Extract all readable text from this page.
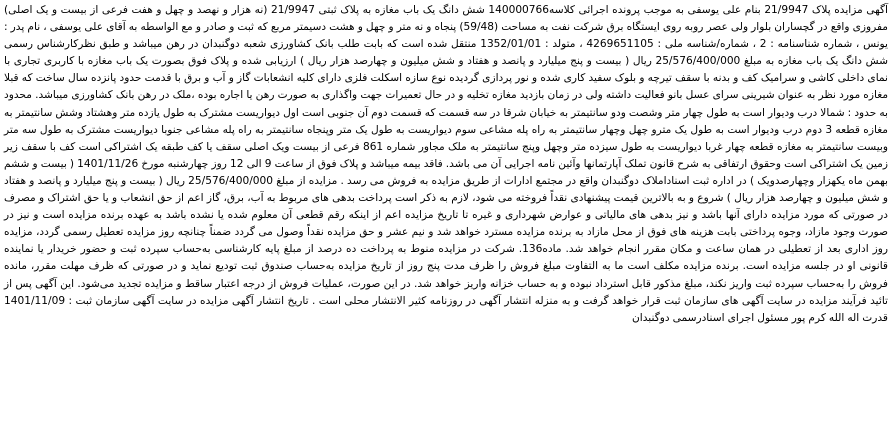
آگهی مزایده پلاک 21/9947 بنام علی یوسفی به موجب پرونده اجرائی کلاسه140000766 شش دانگ یک باب مغازه به پلاک ثبتی 21/9947 (نه هزار و نهصد و چهل و هفت فرعی از بیست و یک اصلی) مفروزی واقع در گچساران بلوار ولی عصر روبه روی ایستگاه برق شرکت نفت به مساحت (59/48) پنجاه و نه متر و چهل و هشت دسیمتر مربع که ثبت و صادر و مع الواسطه به آقای علی یوسفی ، نام پدر : یونس ، شماره شناسنامه : 2 ، شماره/شناسه ملی : 4269651105 ، متولد : 1352/01/01 منتقل شده است که بابت طلب بانک کشاورزی شعبه دوگنبدان در رهن میباشد و طبق نظرکارشناس رسمی شش دانگ یک باب مغازه به مبلغ 25/576/400/000 ریال ( بیست و پنج میلیارد و پانصد و هفتاد و شش میلیون و چهارصد هزار ریال ) ارزیابی شده و پلاک فوق بصورت یک باب مغازه با کاربری تجاری با نمای داخلی کاشی و سرامیک کف و بدنه با سقف تیرچه و بلوک سفید کاری شده و نور پردازی گردیده نوع سازه اسکلت فلزی دارای کلیه انشعابات گاز و آب و برق با قدمت حدود پانزده سال ساخت که قبلا مغازه مورد نظر به عنوان شیرینی سرای عسل بانو فعالیت داشته ولی در زمان بازدید مغازه تخلیه و در حال تعمیرات جهت واگذاری به صورت رهن یا اجاره بوده ،ملک در رهن بانک کشاورزی میباشد. محدود به حدود : شمالا درب ودیوار است به طول چهار متر وشصت ودو سانتیمتر به خیابان شرقا در سه قسمت که قسمت دوم آن جنوبی است اول دیواریست مشترک به طول یازده متر وهشتاد وشش سانتیمتر به مغازه قطعه 3 دوم درب ودیوار است به طول یک مترو چهل وچهار سانتیمتر به راه پله مشاعی سوم دیواریست به طول یک متر وپنجاه سانتیمتر به راه پله مشاعی جنوبا دیواریست مشترک به طول سه متر وبیست سانتیمتر به مغازه قطعه چهار غربا دیواریست به طول سیزده متر وچهل وپنج سانتیمتر به ملک مجاور شماره 861 فرعی از بیست ویک اصلی سقف یا کف طبقه یک اشتراکی است کف با سقف زیر زمین یک اشتراکی است وحقوق ارتفاقی به شرح قانون تملک آپارتمانها وآئین نامه اجرایی آن می باشد. فاقد بیمه میباشد و پلاک فوق از ساعت 9 الی 12 روز چهارشنبه مورخ 1401/11/26 ( بیست و ششم بهمن ماه یکهزار وچهارصدویک ) در اداره ثبت اسناداملاک دوگنبدان واقع در مجتمع ادارات از طریق مزایده به فروش می رسد . مزایده از مبلغ 25/576/400/000 ریال ( بیست و پنج میلیارد و پانصد و هفتاد و شش میلیون و چهارصد هزار ریال ) شروع و به بالاترین قیمت پیشنهادی نقداً فروخته می شود، لازم به ذکر است پرداخت بدهی های مربوط به آب، برق، گاز اعم از حق انشعاب و یا حق اشتراک و مصرف در صورتی که مورد مزایده دارای آنها باشد و نیز بدهی های مالیاتی و عوارض شهرداری و غیره تا تاریخ مزایده اعم از اینکه رقم قطعی آن معلوم شده یا نشده باشد به عهده برنده مزایده است و نیز در صورت وجود مازاد، وجوه پرداختی بابت هزینه های فوق از محل مازاد به برنده مزایده مسترد خواهد شد و نیم عشر و حق مزایده نقداً وصول می گردد ضمناً چنانچه روز مزایده تعطیل رسمی گردد، مزایده روز اداری بعد از تعطیلی در همان ساعت و مکان مقرر انجام خواهد شد. ماده136. شرکت در مزایده منوط به پرداخت ده درصد از مبلغ پایه کارشناسی به‌حساب سپرده ثبت و حضور خریدار یا نماینده قانونی او در جلسه مزایده است. برنده مزایده مکلف است ما به التفاوت مبلغ فروش را ظرف مدت پنج روز از تاریخ مزایده به‌حساب صندوق ثبت تودیع نماید و در صورتی که ظرف مهلت مقرر، مانده فروش را به‌حساب سپرده ثبت واریز نکند، مبلغ مذکور قابل استرداد نبوده و به حساب خزانه واریز خواهد شد. در این صورت، عملیات فروش از درجه اعتبار ساقط و مزایده تجدید می‌شود. این آگهی پس از تائید فرآیند مزایده در سایت آگهی های سازمان ثبت قرار خواهد گرفت و به منزله انتشار آگهی در روزنامه کثیر الانتشار محلی است . تاریخ انتشار آگهی مزایده در سایت آگهی سازمان ثبت : 1401/11/09 قدرت اله الله کرم پور مسئول اجرای اسنادرسمی دوگنبدان
